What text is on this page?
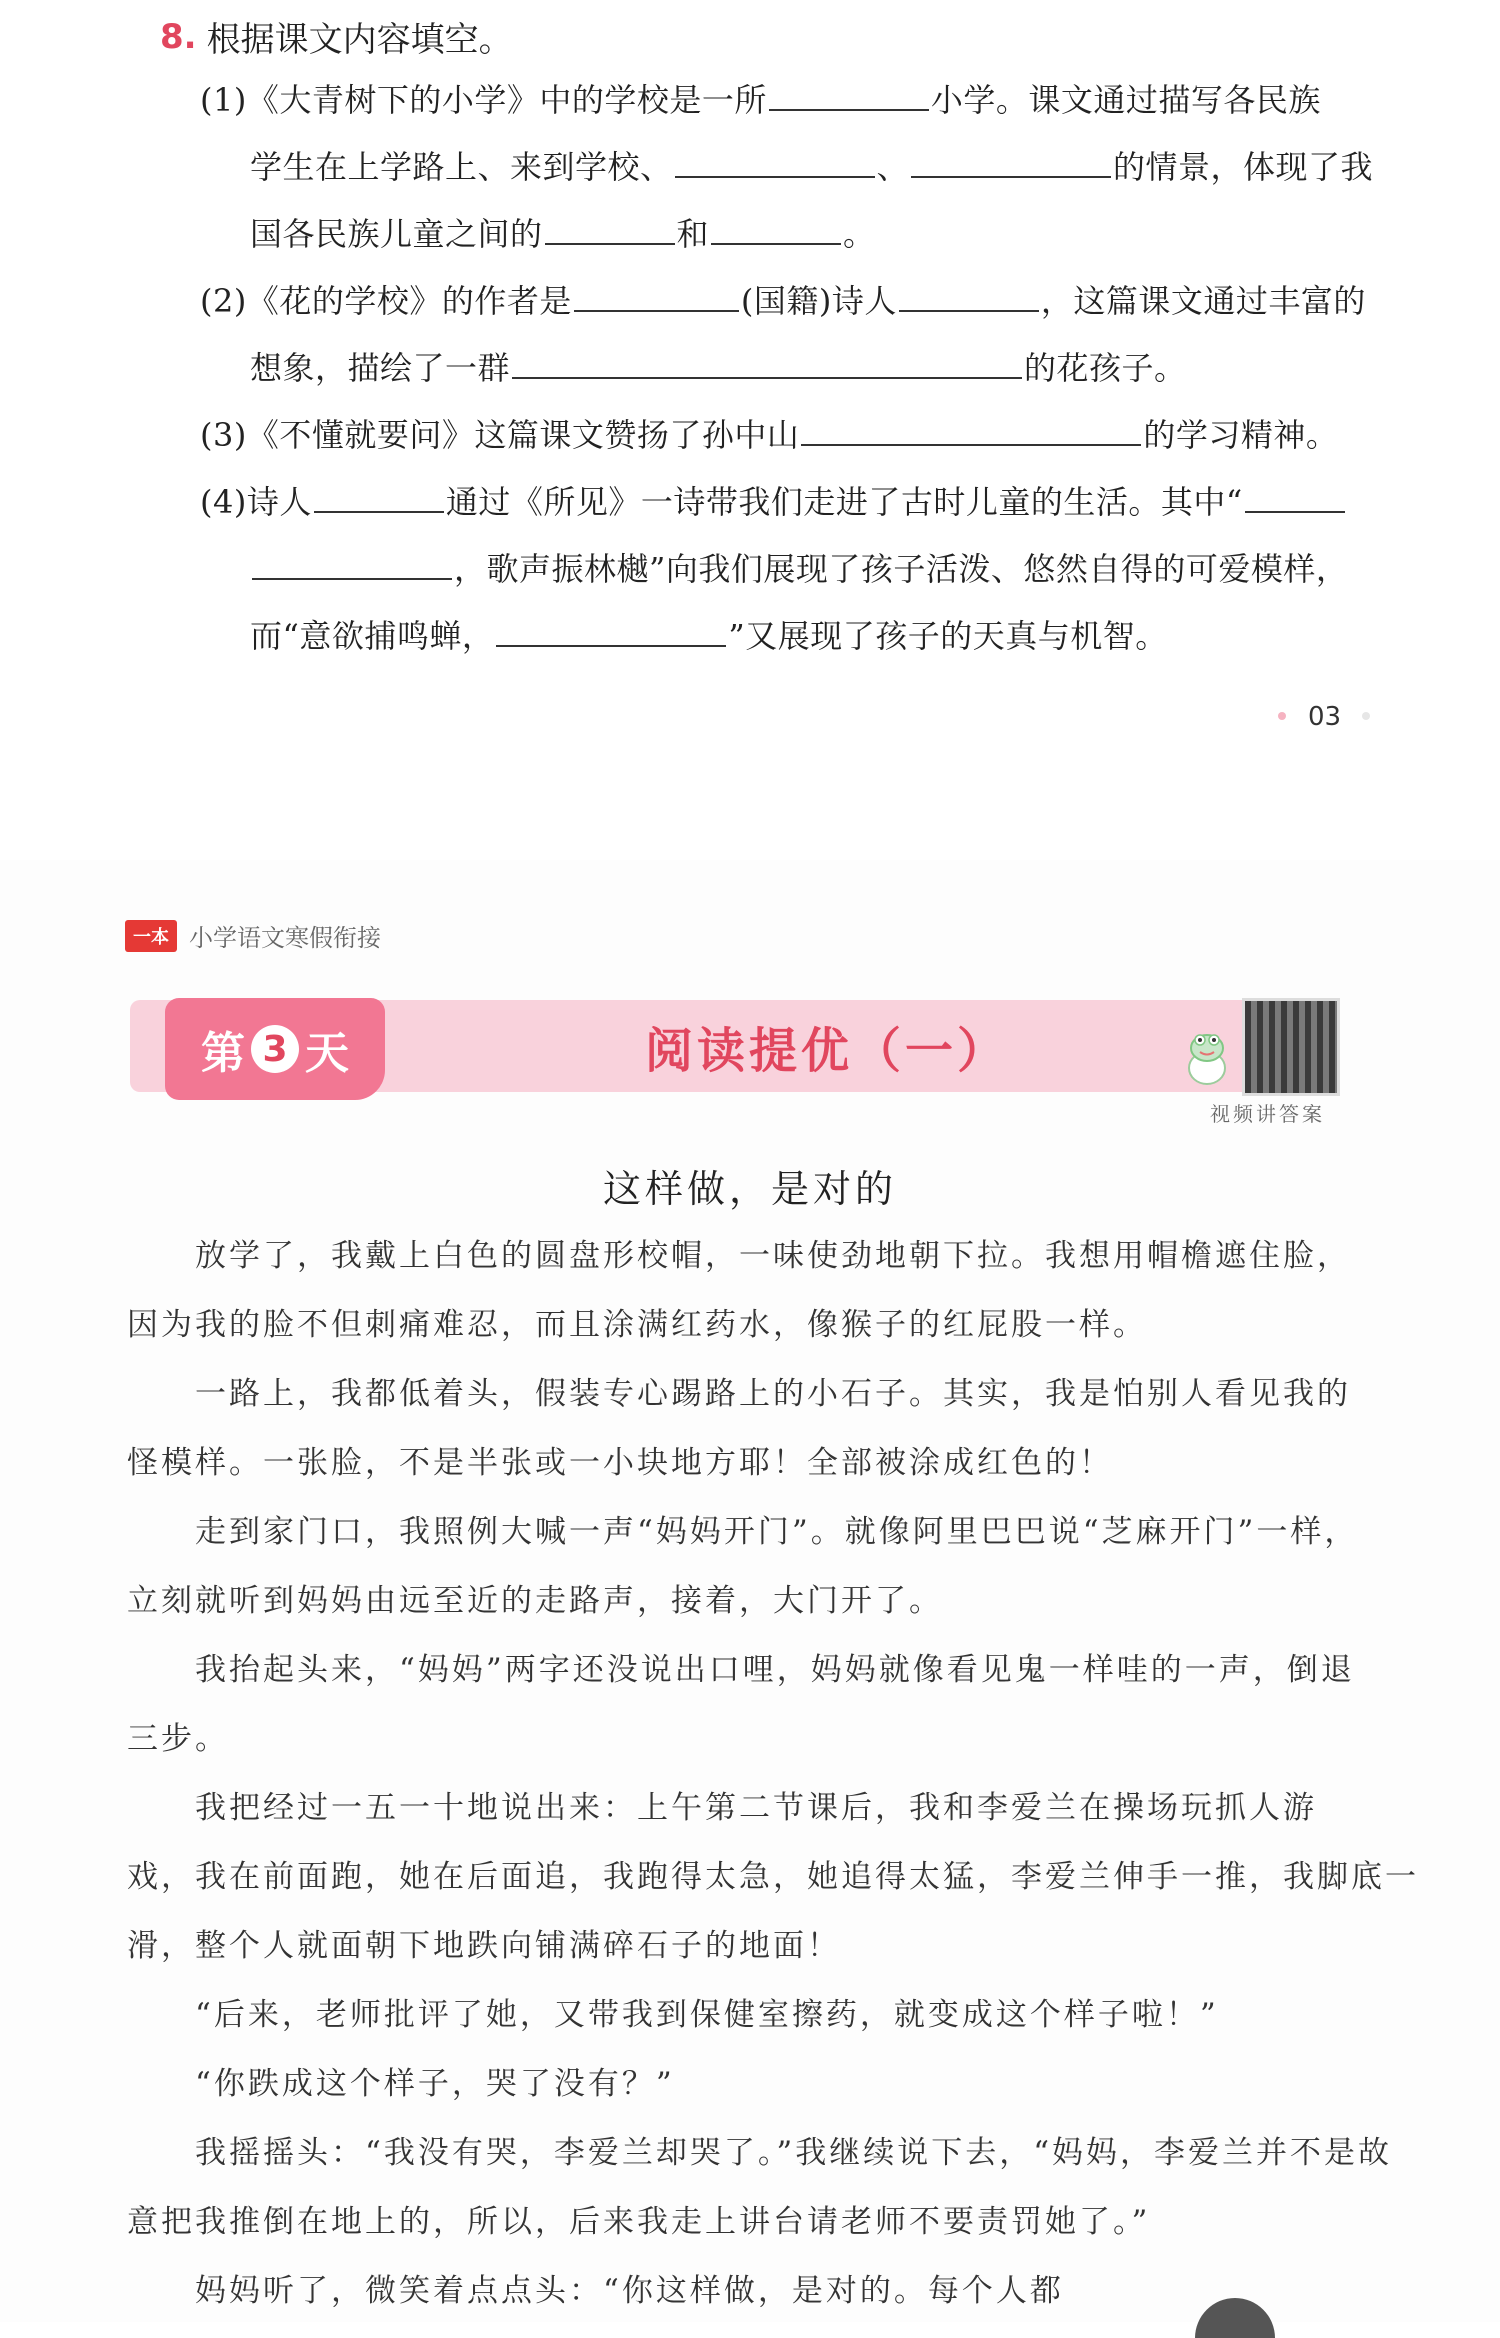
8. 根据课文内容填空。
(1)《大青树下的小学》中的学校是一所	小学。课文通过描写各民族
学生在上学路上、来到学校、	、	的情景，体现了我
国各民族儿童之间的	和	。
(2)《花的学校》的作者是	(国籍)诗人	，这篇课文通过丰富的
想象，描绘了一群	的花孩子。
(3)《不懂就要问》这篇课文赞扬了孙中山	的学习精神。
(4)诗人	通过《所见》一诗带我们走进了古时儿童的生活。其中“
，歌声振林樾”向我们展现了孩子活泼、悠然自得的可爱模样，
而“意欲捕鸣蝉，	”又展现了孩子的天真与机智。
03
一本 小学语文寒假衔接
第 3 天	阅读提优（一）
视频讲答案
这样做，是对的
放学了，我戴上白色的圆盘形校帽，一味使劲地朝下拉。我想用帽檐遮住脸，
因为我的脸不但刺痛难忍，而且涂满红药水，像猴子的红屁股一样。
一路上，我都低着头，假装专心踢路上的小石子。其实，我是怕别人看见我的
怪模样。一张脸，不是半张或一小块地方耶！全部被涂成红色的！
走到家门口，我照例大喊一声“妈妈开门”。就像阿里巴巴说“芝麻开门”一样，
立刻就听到妈妈由远至近的走路声，接着，大门开了。
我抬起头来，“妈妈”两字还没说出口哩，妈妈就像看见鬼一样哇的一声，倒退
三步。
我把经过一五一十地说出来：上午第二节课后，我和李爱兰在操场玩抓人游
戏，我在前面跑，她在后面追，我跑得太急，她追得太猛，李爱兰伸手一推，我脚底一
滑，整个人就面朝下地跌向铺满碎石子的地面！
“后来，老师批评了她，又带我到保健室擦药，就变成这个样子啦！”
“你跌成这个样子，哭了没有？”
我摇摇头：“我没有哭，李爱兰却哭了。”我继续说下去，“妈妈，李爱兰并不是故
意把我推倒在地上的，所以，后来我走上讲台请老师不要责罚她了。”
妈妈听了，微笑着点点头：“你这样做，是对的。每个人都
